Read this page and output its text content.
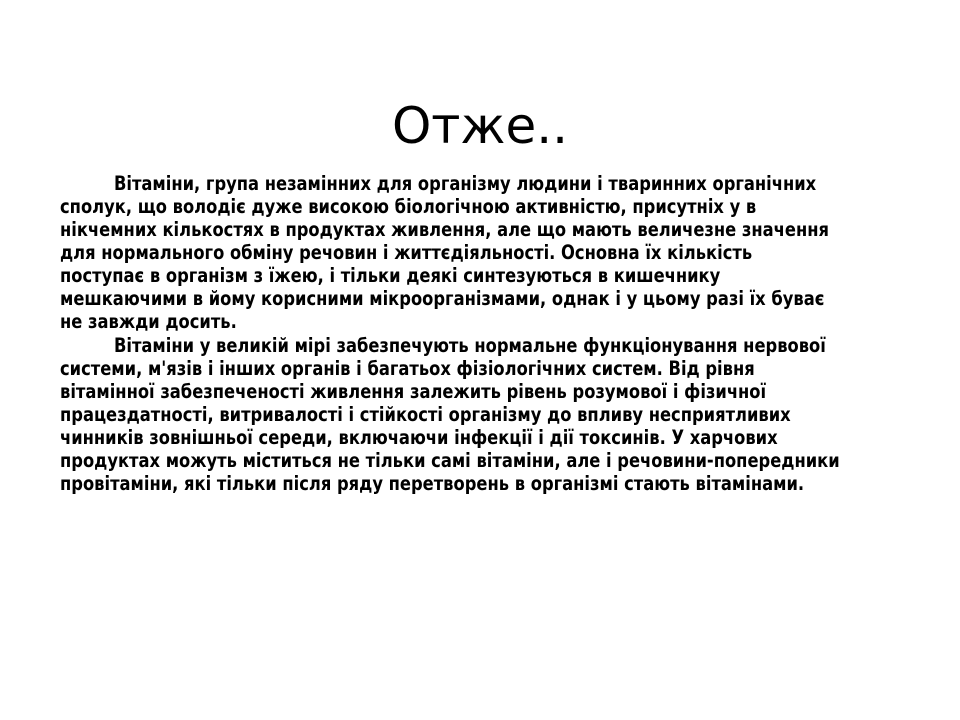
Отже..

Вітаміни, група незамінних для організму людини і тваринних органічних сполук, що володіє дуже високою біологічною активністю, присутніх у в нікчемних кількостях в продуктах живлення, але що мають величезне значення для нормального обміну речовин і життєдіяльності. Основна їх кількість поступає в організм з їжею, і тільки деякі синтезуються в кишечнику мешкаючими в йому корисними мікроорганізмами, однак і у цьому разі їх буває не завжди досить.

Вітаміни у великій мірі забезпечують нормальне функціонування нервової системи, м'язів і інших органів і багатьох фізіологічних систем. Від рівня вітамінної забезпеченості живлення залежить рівень розумової і фізичної працездатності, витривалості і стійкості організму до впливу несприятливих чинників зовнішньої середи, включаючи інфекції і дії токсинів. У харчових продуктах можуть міститься не тільки самі вітаміни, але і речовини-попередники провітаміни, які тільки після ряду перетворень в організмі стають вітамінами.
